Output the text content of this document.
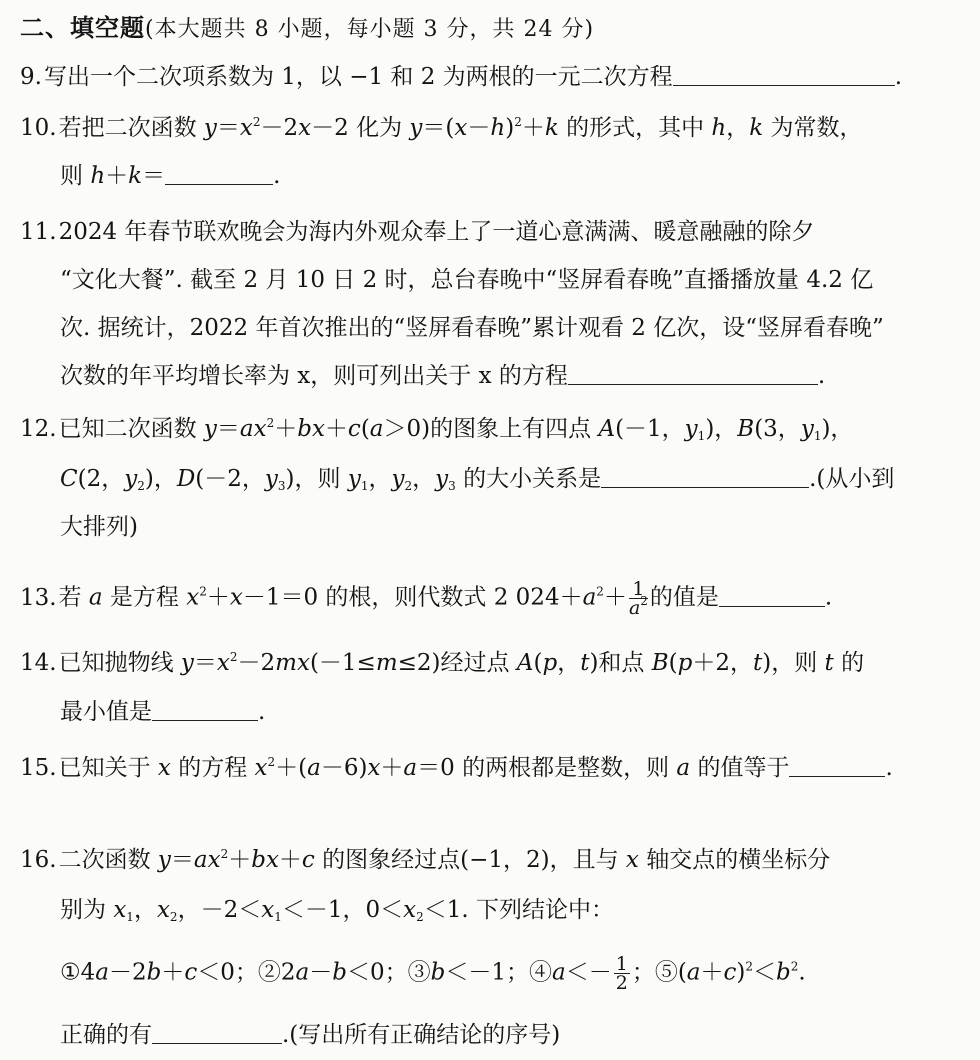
二、填空题(本大题共 8 小题，每小题 3 分，共 24 分)
9.写出一个二次项系数为 1，以 −1 和 2 为两根的一元二次方程	.
10.若把二次函数 $y=x^2-2x-2$ 化为 $y=(x-h)^2+k$ 的形式，其中 h，k 为常数，
则 h＋k＝	.
11.2024 年春节联欢晚会为海内外观众奉上了一道心意满满、暖意融融的除夕
“文化大餐”. 截至 2 月 10 日 2 时，总台春晚中“竖屏看春晚”直播播放量 4.2 亿
次. 据统计，2022 年首次推出的“竖屏看春晚”累计观看 2 亿次，设“竖屏看春晚”
次数的年平均增长率为 x，则可列出关于 x 的方程	.
12.已知二次函数 $y=ax^2+bx+c(a>0)$的图象上有四点 A(－1，$y_1$)，B(3，$y_1$)，
C(2，$y_2$)，D(－2，$y_3$)，则 $y_1$，$y_2$，$y_3$ 的大小关系是	.(从小到
大排列)
13.若 a 是方程 $x^2+x-1=0$ 的根，则代数式 2 $024+a^2+ \frac{1}{a^2}$ 的值是	.
14.已知抛物线 $y=x^2-2mx(-1\le m\le 2)$经过点 A(p，t)和点 B(p＋2，t)，则 t 的
最小值是	.
15.已知关于 x 的方程 $x^2+(a-6)x+a=0$ 的两根都是整数，则 a 的值等于	.
16.二次函数 $y=ax^2+bx+c$ 的图象经过点(−1，2)，且与 x 轴交点的横坐标分
别为 $x_1$，$x_2$，$-2<x_1<-1$，$0<x_2<1$. 下列结论中：
①4a－2b＋c＜0；②2a－b＜0；③b＜－1；④a＜－ $\frac{1}{2}$ ；$⑤(a+c)^2<b^2$.
正确的有	.(写出所有正确结论的序号)
